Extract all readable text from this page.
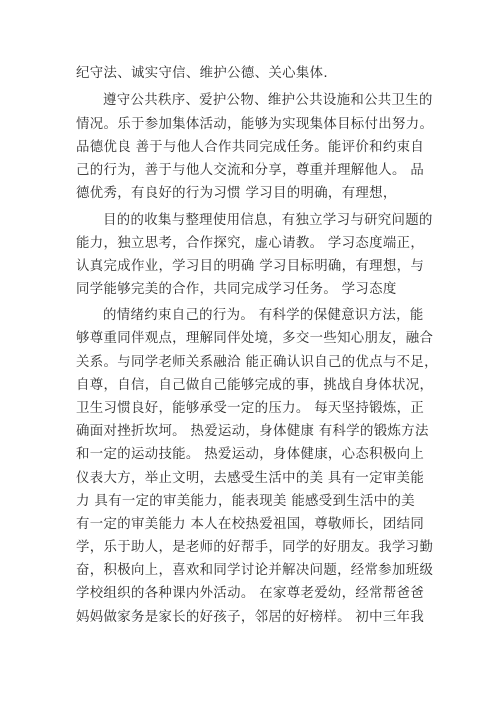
纪守法、诚实守信、维护公德、关心集体.
遵守公共秩序、爱护公物、维护公共设施和公共卫生的
情况。乐于参加集体活动，能够为实现集体目标付出努力。
品德优良 善于与他人合作共同完成任务。能评价和约束自
己的行为，善于与他人交流和分享，尊重并理解他人。 品
德优秀，有良好的行为习惯 学习目的明确，有理想，
目的的收集与整理使用信息，有独立学习与研究问题的
能力，独立思考，合作探究，虚心请教。 学习态度端正，
认真完成作业，学习目的明确 学习目标明确，有理想，与
同学能够完美的合作，共同完成学习任务。 学习态度
的情绪约束自己的行为。 有科学的保健意识方法，能
够尊重同伴观点，理解同伴处境，多交一些知心朋友，融合
关系。与同学老师关系融洽 能正确认识自己的优点与不足，
自尊，自信，自己做自己能够完成的事，挑战自身体状况，
卫生习惯良好，能够承受一定的压力。 每天坚持锻炼，正
确面对挫折坎坷。 热爱运动，身体健康 有科学的锻炼方法
和一定的运动技能。 热爱运动，身体健康，心态积极向上
仪表大方，举止文明，去感受生活中的美 具有一定审美能
力 具有一定的审美能力，能表现美 能感受到生活中的美
有一定的审美能力 本人在校热爱祖国，尊敬师长，团结同
学，乐于助人，是老师的好帮手，同学的好朋友。我学习勤
奋，积极向上，喜欢和同学讨论并解决问题，经常参加班级
学校组织的各种课内外活动。 在家尊老爱幼，经常帮爸爸
妈妈做家务是家长的好孩子，邻居的好榜样。 初中三年我
